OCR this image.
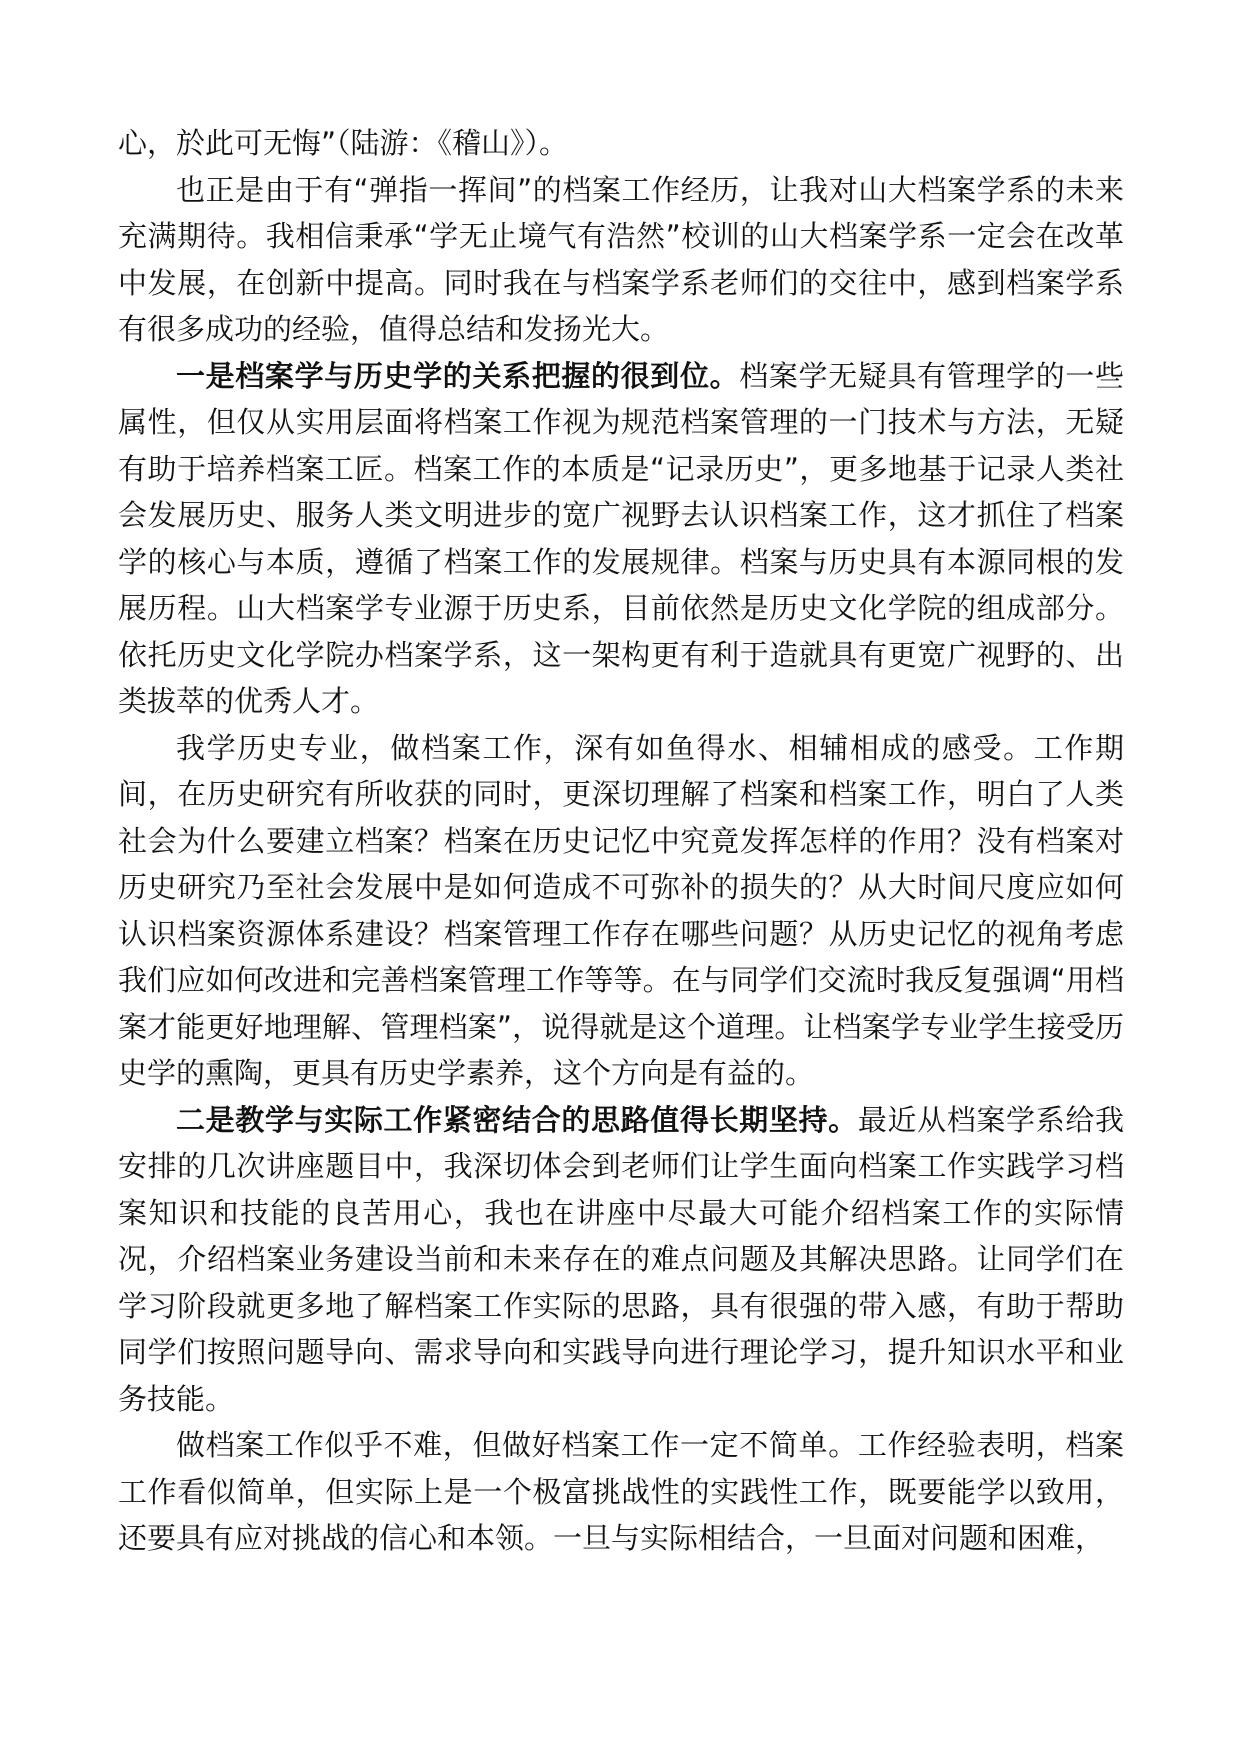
心，於此可无悔”（陆游：《稽山》）。

也正是由于有“弹指一挥间”的档案工作经历，让我对山大档案学系的未来充满期待。我相信秉承“学无止境气有浩然”校训的山大档案学系一定会在改革中发展，在创新中提高。同时我在与档案学系老师们的交往中，感到档案学系有很多成功的经验，值得总结和发扬光大。

一是档案学与历史学的关系把握的很到位。档案学无疑具有管理学的一些属性，但仅从实用层面将档案工作视为规范档案管理的一门技术与方法，无疑有助于培养档案工匠。档案工作的本质是“记录历史”，更多地基于记录人类社会发展历史、服务人类文明进步的宽广视野去认识档案工作，这才抓住了档案学的核心与本质，遵循了档案工作的发展规律。档案与历史具有本源同根的发展历程。山大档案学专业源于历史系，目前依然是历史文化学院的组成部分。依托历史文化学院办档案学系，这一架构更有利于造就具有更宽广视野的、出类拔萃的优秀人才。

我学历史专业，做档案工作，深有如鱼得水、相辅相成的感受。工作期间，在历史研究有所收获的同时，更深切理解了档案和档案工作，明白了人类社会为什么要建立档案？档案在历史记忆中究竟发挥怎样的作用？没有档案对历史研究乃至社会发展中是如何造成不可弥补的损失的？从大时间尺度应如何认识档案资源体系建设？档案管理工作存在哪些问题？从历史记忆的视角考虑我们应如何改进和完善档案管理工作等等。在与同学们交流时我反复强调“用档案才能更好地理解、管理档案”，说得就是这个道理。让档案学专业学生接受历史学的熏陶，更具有历史学素养，这个方向是有益的。

二是教学与实际工作紧密结合的思路值得长期坚持。最近从档案学系给我安排的几次讲座题目中，我深切体会到老师们让学生面向档案工作实践学习档案知识和技能的良苦用心，我也在讲座中尽最大可能介绍档案工作的实际情况，介绍档案业务建设当前和未来存在的难点问题及其解决思路。让同学们在学习阶段就更多地了解档案工作实际的思路，具有很强的带入感，有助于帮助同学们按照问题导向、需求导向和实践导向进行理论学习，提升知识水平和业务技能。

做档案工作似乎不难，但做好档案工作一定不简单。工作经验表明，档案工作看似简单，但实际上是一个极富挑战性的实践性工作，既要能学以致用，还要具有应对挑战的信心和本领。一旦与实际相结合，一旦面对问题和困难，
